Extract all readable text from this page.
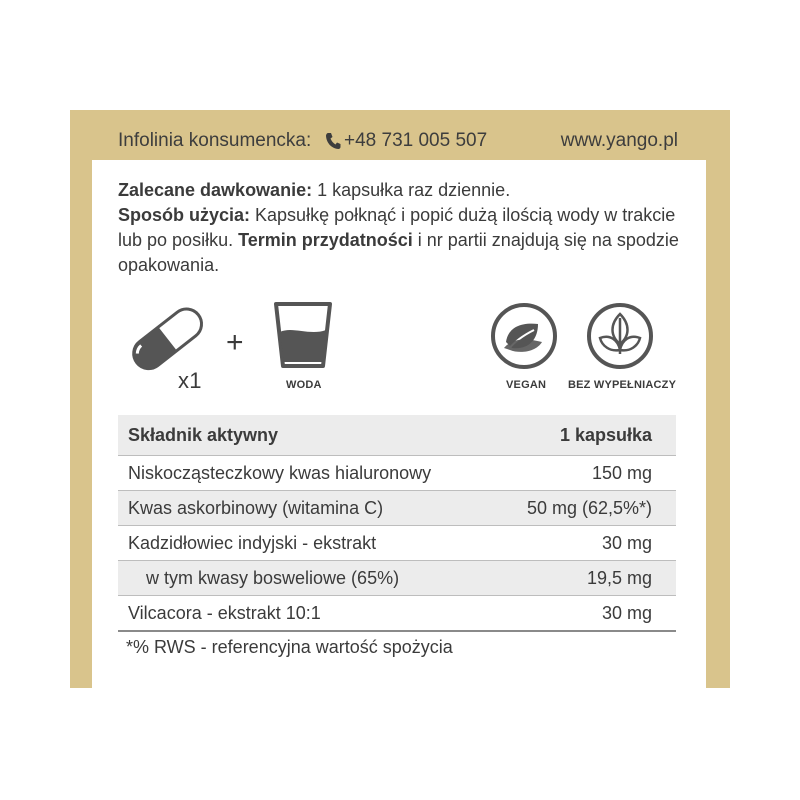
Infolinia konsumencka: +48 731 005 507	www.yango.pl

Zalecane dawkowanie: 1 kapsułka raz dziennie.

Sposób użycia: Kapsułkę połknąć i popić dużą ilością wody w trakcie lub po posiłku. Termin przydatności i nr partii znajdują się na spodzie opakowania.

x1
+
WODA	VEGAN BEZ WYPEŁNIACZY
Składnik aktywny	1 kapsułka
Niskocząsteczkowy kwas hialuronowy	150 mg
Kwas askorbinowy (witamina C)	50 mg (62,5%*)
Kadzidłowiec indyjski - ekstrakt	30 mg
w tym kwasy bosweliowe (65%)	19,5 mg
Vilcacora - ekstrakt 10:1	30 mg
*% RWS - referencyjna wartość spożycia
